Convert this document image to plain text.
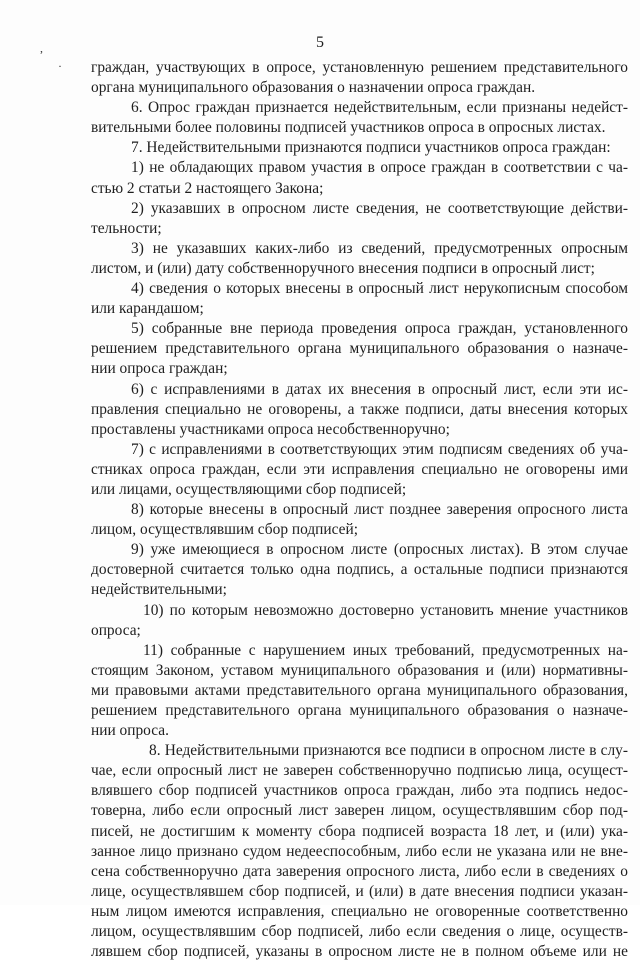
5
,
· граждан, участвующих в опросе, установленную решением представительного
органа муниципального образования о назначении опроса граждан.
6. Опрос граждан признается недействительным, если признаны недейст-
вительными более половины подписей участников опроса в опросных листах.
7. Недействительными признаются подписи участников опроса граждан:
1) не обладающих правом участия в опросе граждан в соответствии с ча-
стью 2 статьи 2 настоящего Закона;
2) указавших в опросном листе сведения, не соответствующие действи-
тельности;
3) не указавших каких-либо из сведений, предусмотренных опросным
листом, и (или) дату собственноручного внесения подписи в опросный лист;
4) сведения о которых внесены в опросный лист нерукописным способом
или карандашом;
5) собранные вне периода проведения опроса граждан, установленного
решением представительного органа муниципального образования о назначе-
нии опроса граждан;
6) с исправлениями в датах их внесения в опросный лист, если эти ис-
правления специально не оговорены, а также подписи, даты внесения которых
проставлены участниками опроса несобственноручно;
7) с исправлениями в соответствующих этим подписям сведениях об уча-
стниках опроса граждан, если эти исправления специально не оговорены ими
или лицами, осуществляющими сбор подписей;
8) которые внесены в опросный лист позднее заверения опросного листа
лицом, осуществлявшим сбор подписей;
9) уже имеющиеся в опросном листе (опросных листах). В этом случае
достоверной считается только одна подпись, а остальные подписи признаются
недействительными;
10) по которым невозможно достоверно установить мнение участников
опроса;
11) собранные с нарушением иных требований, предусмотренных на-
стоящим Законом, уставом муниципального образования и (или) нормативны-
ми правовыми актами представительного органа муниципального образования,
решением представительного органа муниципального образования о назначе-
нии опроса.
8. Недействительными признаются все подписи в опросном листе в слу-
чае, если опросный лист не заверен собственноручно подписью лица, осущест-
влявшего сбор подписей участников опроса граждан, либо эта подпись недос-
товерна, либо если опросный лист заверен лицом, осуществлявшим сбор под-
писей, не достигшим к моменту сбора подписей возраста 18 лет, и (или) ука-
занное лицо признано судом недееспособным, либо если не указана или не вне-
сена собственноручно дата заверения опросного листа, либо если в сведениях о
лице, осуществлявшем сбор подписей, и (или) в дате внесения подписи указан-
ным лицом имеются исправления, специально не оговоренные соответственно
лицом, осуществлявшим сбор подписей, либо если сведения о лице, осуществ-
лявшем сбор подписей, указаны в опросном листе не в полном объеме или не
